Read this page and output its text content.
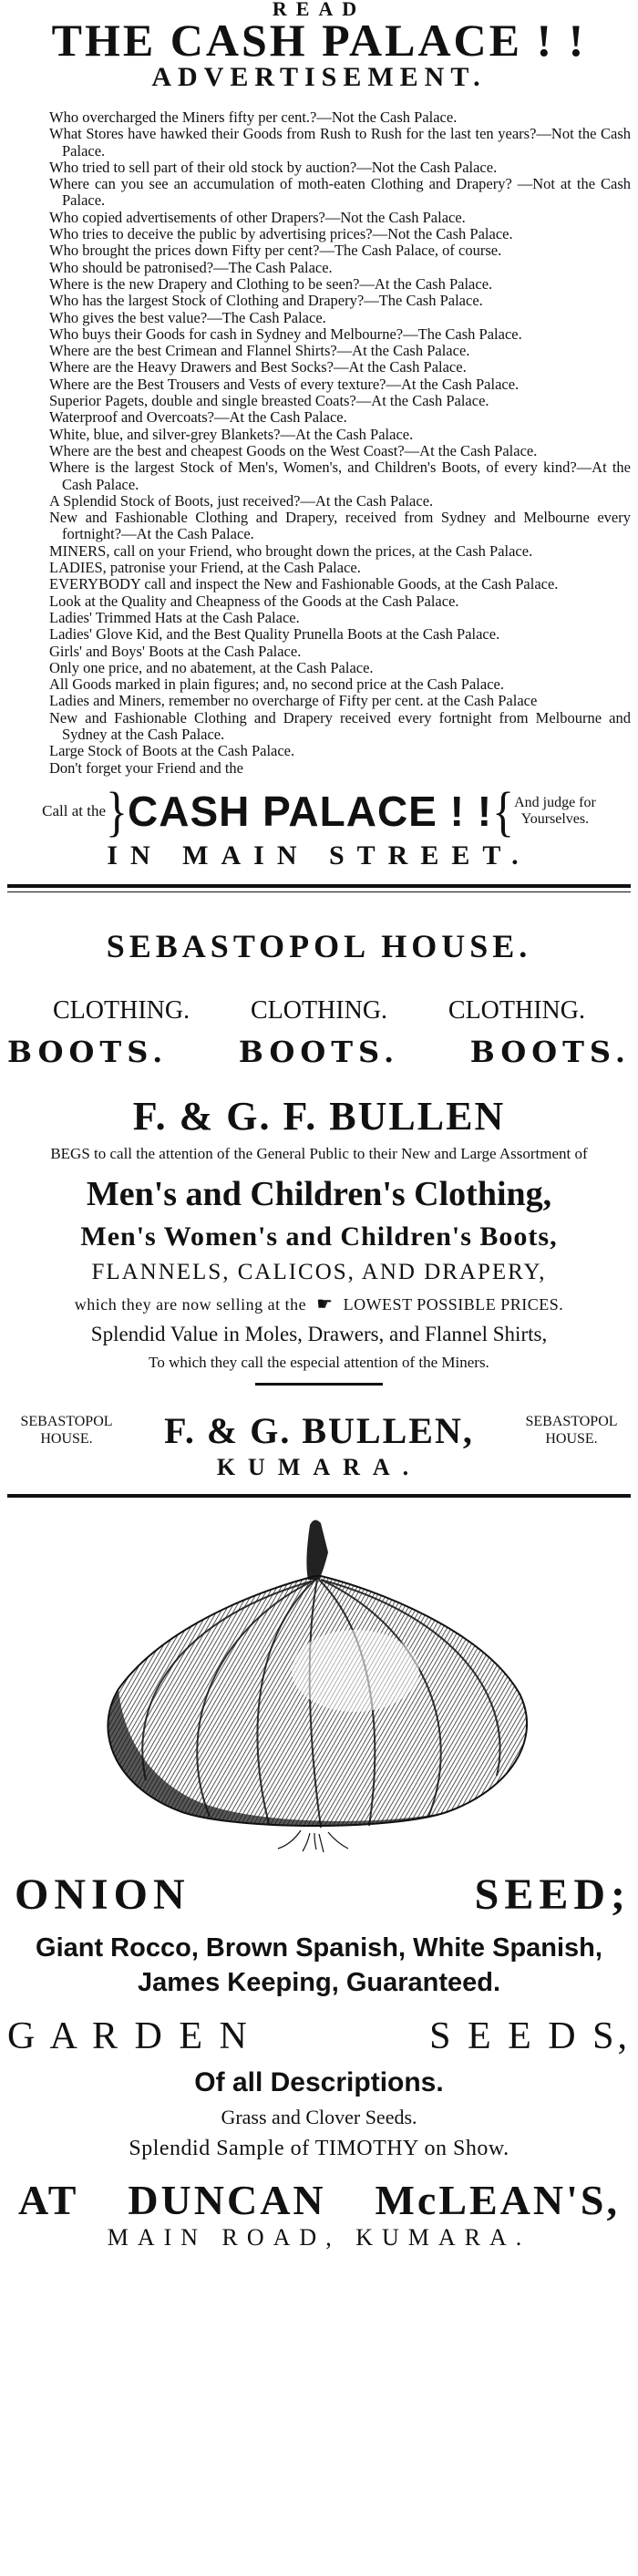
READ
THE CASH PALACE ! !
ADVERTISEMENT.
Who overcharged the Miners fifty per cent.?—Not the Cash Palace.
What Stores have hawked their Goods from Rush to Rush for the last ten years?—Not the Cash Palace.
Who tried to sell part of their old stock by auction?—Not the Cash Palace.
Where can you see an accumulation of moth-eaten Clothing and Drapery? —Not at the Cash Palace.
Who copied advertisements of other Drapers?—Not the Cash Palace.
Who tries to deceive the public by advertising prices?—Not the Cash Palace.
Who brought the prices down Fifty per cent?—The Cash Palace, of course.
Who should be patronised?—The Cash Palace.
Where is the new Drapery and Clothing to be seen?—At the Cash Palace.
Who has the largest Stock of Clothing and Drapery?—The Cash Palace.
Who gives the best value?—The Cash Palace.
Who buys their Goods for cash in Sydney and Melbourne?—The Cash Palace.
Where are the best Crimean and Flannel Shirts?—At the Cash Palace.
Where are the Heavy Drawers and Best Socks?—At the Cash Palace.
Where are the Best Trousers and Vests of every texture?—At the Cash Palace.
Superior Pagets, double and single breasted Coats?—At the Cash Palace.
Waterproof and Overcoats?—At the Cash Palace.
White, blue, and silver-grey Blankets?—At the Cash Palace.
Where are the best and cheapest Goods on the West Coast?—At the Cash Palace.
Where is the largest Stock of Men's, Women's, and Children's Boots, of every kind?—At the Cash Palace.
A Splendid Stock of Boots, just received?—At the Cash Palace.
New and Fashionable Clothing and Drapery, received from Sydney and Melbourne every fortnight?—At the Cash Palace.
MINERS, call on your Friend, who brought down the prices, at the Cash Palace.
LADIES, patronise your Friend, at the Cash Palace.
EVERYBODY call and inspect the New and Fashionable Goods, at the Cash Palace.
Look at the Quality and Cheapness of the Goods at the Cash Palace.
Ladies' Trimmed Hats at the Cash Palace.
Ladies' Glove Kid, and the Best Quality Prunella Boots at the Cash Palace.
Girls' and Boys' Boots at the Cash Palace.
Only one price, and no abatement, at the Cash Palace.
All Goods marked in plain figures; and, no second price at the Cash Palace.
Ladies and Miners, remember no overcharge of Fifty per cent. at the Cash Palace
New and Fashionable Clothing and Drapery received every fortnight from Melbourne and Sydney at the Cash Palace.
Large Stock of Boots at the Cash Palace.
Don't forget your Friend and the
Call at the } CASH PALACE ! ! { And judge for
Yourselves.
IN MAIN STREET.
SEBASTOPOL HOUSE.
CLOTHING. CLOTHING. CLOTHING.
BOOTS. BOOTS. BOOTS.
F. & G. F. BULLEN
BEGS to call the attention of the General Public to their New and Large Assortment of
Men's and Children's Clothing,
Men's Women's and Children's Boots,
FLANNELS, CALICOS, AND DRAPERY,
which they are now selling at the ☛ LOWEST POSSIBLE PRICES.
Splendid Value in Moles, Drawers, and Flannel Shirts,
To which they call the especial attention of the Miners.
SEBASTOPOL
HOUSE.	F. & G. BULLEN,	SEBASTOPOL
HOUSE.
KUMARA.
ONION	SEED;
Giant Rocco, Brown Spanish, White Spanish,
James Keeping, Guaranteed.
G A R D E N	S E E D S,
Of all Descriptions.
Grass and Clover Seeds.
Splendid Sample of TIMOTHY on Show.
AT DUNCAN McLEAN'S,
MAIN ROAD, KUMARA.
